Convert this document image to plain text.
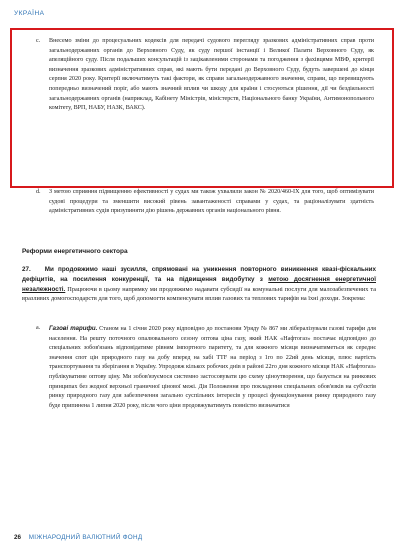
УКРАЇНА
c. Внесемо зміни до процесуальних кодексів для передачі судового перегляду зразкових адміністративних справ проти загальнодержавних органів до Верховного Суду, як суду першої інстанції і Великої Палати Верховного Суду, як апеляційного суду. Після подальших консультацій із зацікавленими сторонами та погодження з фахівцями МВФ, критерії визначення зразкових адміністративних справ, які мають бути передані до Верховного Суду, будуть завершені до кінця серпня 2020 року. Критерії включатимуть такі фактори, як справи загальнодержавного значення, справи, що перевищують попередньо визначений поріг, або мають значний вплив чи шкоду для країни і стосуються рішення, дії чи бездіяльності загальнодержавних органів (наприклад, Кабінету Міністрів, міністерств, Національного банку України, Антимонопольного комітету, ВРП, НАБУ, НАЗК, ВАКС).
d. З метою сприяння підвищенню ефективності у судах ми також ухвалили закон № 2020/460-IX для того, щоб оптимізувати судові процедури та зменшити високий рівень завантаженості справами у судах, та раціоналізувати здатність адміністративних судів призупиняти дію рішень державних органів національного рівня.
Реформи енергетичного сектора
27. Ми продовжимо наші зусилля, спрямовані на уникнення повторного виникнення квазі-фіскальних дефіцитів, на посилення конкуренції, та на підвищення видобутку з метою досягнення енергетичної незалежності. Працюючи в цьому напрямку ми продовжимо надавати субсидії на комунальні послуги для малозабезпечених та вразливих домогосподарств для того, щоб допомогти компенсувати вплив газових та теплових тарифів на їхні доходи. Зокрема:
a. Газові тарифи. Станом на 1 січня 2020 року відповідно до постанови Уряду № 867 ми лібералізували газові тарифи для населення. На решту поточного опалювального сезону оптова ціна газу, який НАК «Нафтогаз» постачає відповідно до спеціальних зобов'язань відповідатиме рівням імпортного паритету, та для кожного місяця визначатиметься як середнє значення спот цін природного газу на добу вперед на хабі TTF на період з 1го по 22ий день місяця, плюс вартість транспортування та зберігання в Україну. Упродовж кількох робочих днів в районі 22го дня кожного місяця НАК «Нафтогаз» публікуватиме оптову ціну. Ми зобов'язуємося системно застосовувати цю схему ціноутворення, що базується на ринкових принципах без жодної верхньої граничної цінової межі. Дія Положення про покладення спеціальних обов'язків на суб'єктів ринку природного газу для забезпечення загально суспільних інтересів у процесі функціонування ринку природного газу буде припинена 1 липня 2020 року, після чого ціни продовжуватимуть повністю визначатися
26 МІЖНАРОДНИЙ ВАЛЮТНИЙ ФОНД
